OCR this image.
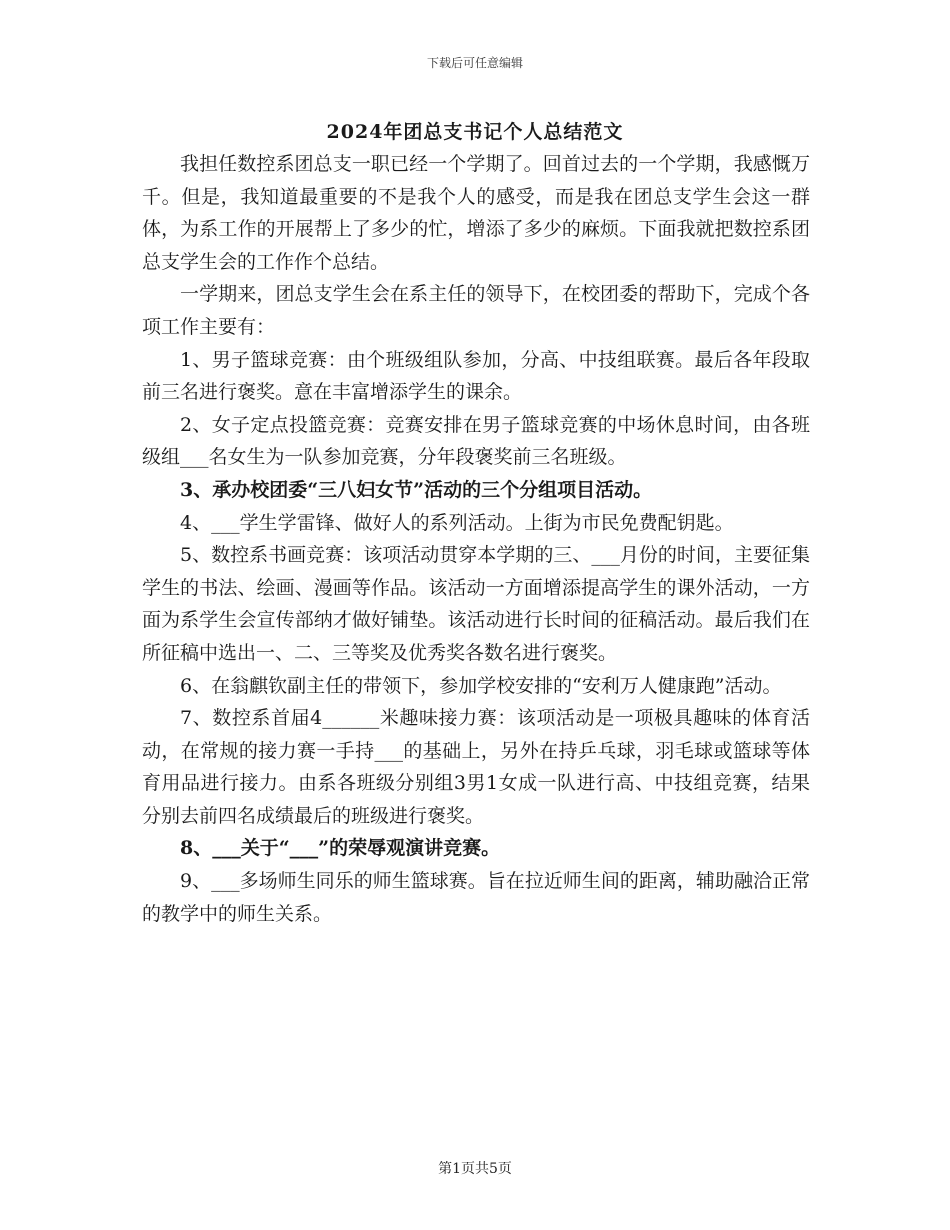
下载后可任意编辑
2024年团总支书记个人总结范文

我担任数控系团总支一职已经一个学期了。回首过去的一个学期，我感慨万千。但是，我知道最重要的不是我个人的感受，而是我在团总支学生会这一群体，为系工作的开展帮上了多少的忙，增添了多少的麻烦。下面我就把数控系团总支学生会的工作作个总结。

一学期来，团总支学生会在系主任的领导下，在校团委的帮助下，完成个各项工作主要有：

1、男子篮球竞赛：由个班级组队参加，分高、中技组联赛。最后各年段取前三名进行褒奖。意在丰富增添学生的课余。

2、女子定点投篮竞赛：竞赛安排在男子篮球竞赛的中场休息时间，由各班级组___名女生为一队参加竞赛，分年段褒奖前三名班级。

3、承办校团委“三八妇女节”活动的三个分组项目活动。

4、___学生学雷锋、做好人的系列活动。上街为市民免费配钥匙。

5、数控系书画竞赛：该项活动贯穿本学期的三、___月份的时间，主要征集学生的书法、绘画、漫画等作品。该活动一方面增添提高学生的课外活动，一方面为系学生会宣传部纳才做好铺垫。该活动进行长时间的征稿活动。最后我们在所征稿中选出一、二、三等奖及优秀奖各数名进行褒奖。

6、在翁麒钦副主任的带领下，参加学校安排的“安利万人健康跑”活动。

7、数控系首届4______米趣味接力赛：该项活动是一项极具趣味的体育活动，在常规的接力赛一手持___的基础上，另外在持乒乓球，羽毛球或篮球等体育用品进行接力。由系各班级分别组3男1女成一队进行高、中技组竞赛，结果分别去前四名成绩最后的班级进行褒奖。

8、___关于“___”的荣辱观演讲竞赛。

9、___多场师生同乐的师生篮球赛。旨在拉近师生间的距离，辅助融洽正常的教学中的师生关系。

第1页共5页
